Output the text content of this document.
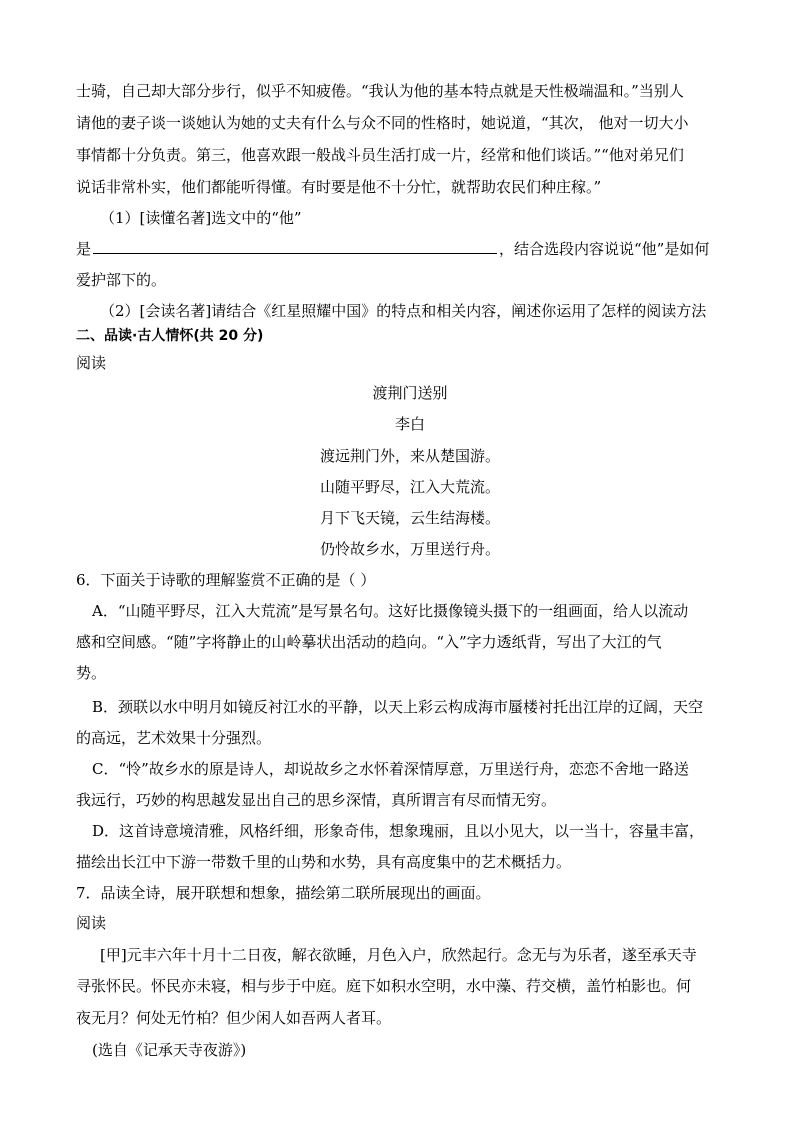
士骑，自己却大部分步行，似乎不知疲倦。“我认为他的基本特点就是天性极端温和。”当别人
请他的妻子谈一谈她认为她的丈夫有什么与众不同的性格时，她说道，“其次， 他对一切大小
事情都十分负责。第三，他喜欢跟一般战斗员生活打成一片，经常和他们谈话。”“他对弟兄们
说话非常朴实，他们都能听得懂。有时要是他不十分忙，就帮助农民们种庄稼。”
（1）[读懂名著]选文中的“他”
是	，结合选段内容说说“他”是如何
爱护部下的。
（2）[会读名著]请结合《红星照耀中国》的特点和相关内容，阐述你运用了怎样的阅读方法
二、品读·古人情怀(共 20 分)
阅读
渡荆门送别
李白
渡远荆门外，来从楚国游。
山随平野尽，江入大荒流。
月下飞天镜，云生结海楼。
仍怜故乡水，万里送行舟。
6．下面关于诗歌的理解鉴赏不正确的是（ ）
A．“山随平野尽，江入大荒流”是写景名句。这好比摄像镜头摄下的一组画面，给人以流动
感和空间感。“随”字将静止的山岭摹状出活动的趋向。“入”字力透纸背，写出了大江的气
势。
B．颈联以水中明月如镜反衬江水的平静，以天上彩云构成海市蜃楼衬托出江岸的辽阔，天空
的高远，艺术效果十分强烈。
C．“怜”故乡水的原是诗人，却说故乡之水怀着深情厚意，万里送行舟，恋恋不舍地一路送
我远行，巧妙的构思越发显出自己的思乡深情，真所谓言有尽而情无穷。
D．这首诗意境清雅，风格纤细，形象奇伟，想象瑰丽，且以小见大，以一当十，容量丰富，
描绘出长江中下游一带数千里的山势和水势，具有高度集中的艺术概括力。
7．品读全诗，展开联想和想象，描绘第二联所展现出的画面。
阅读
[甲]元丰六年十月十二日夜，解衣欲睡，月色入户，欣然起行。念无与为乐者，遂至承天寺
寻张怀民。怀民亦未寝，相与步于中庭。庭下如积水空明，水中藻、荇交横，盖竹柏影也。何
夜无月？何处无竹柏？但少闲人如吾两人者耳。
(选自《记承天寺夜游》)
